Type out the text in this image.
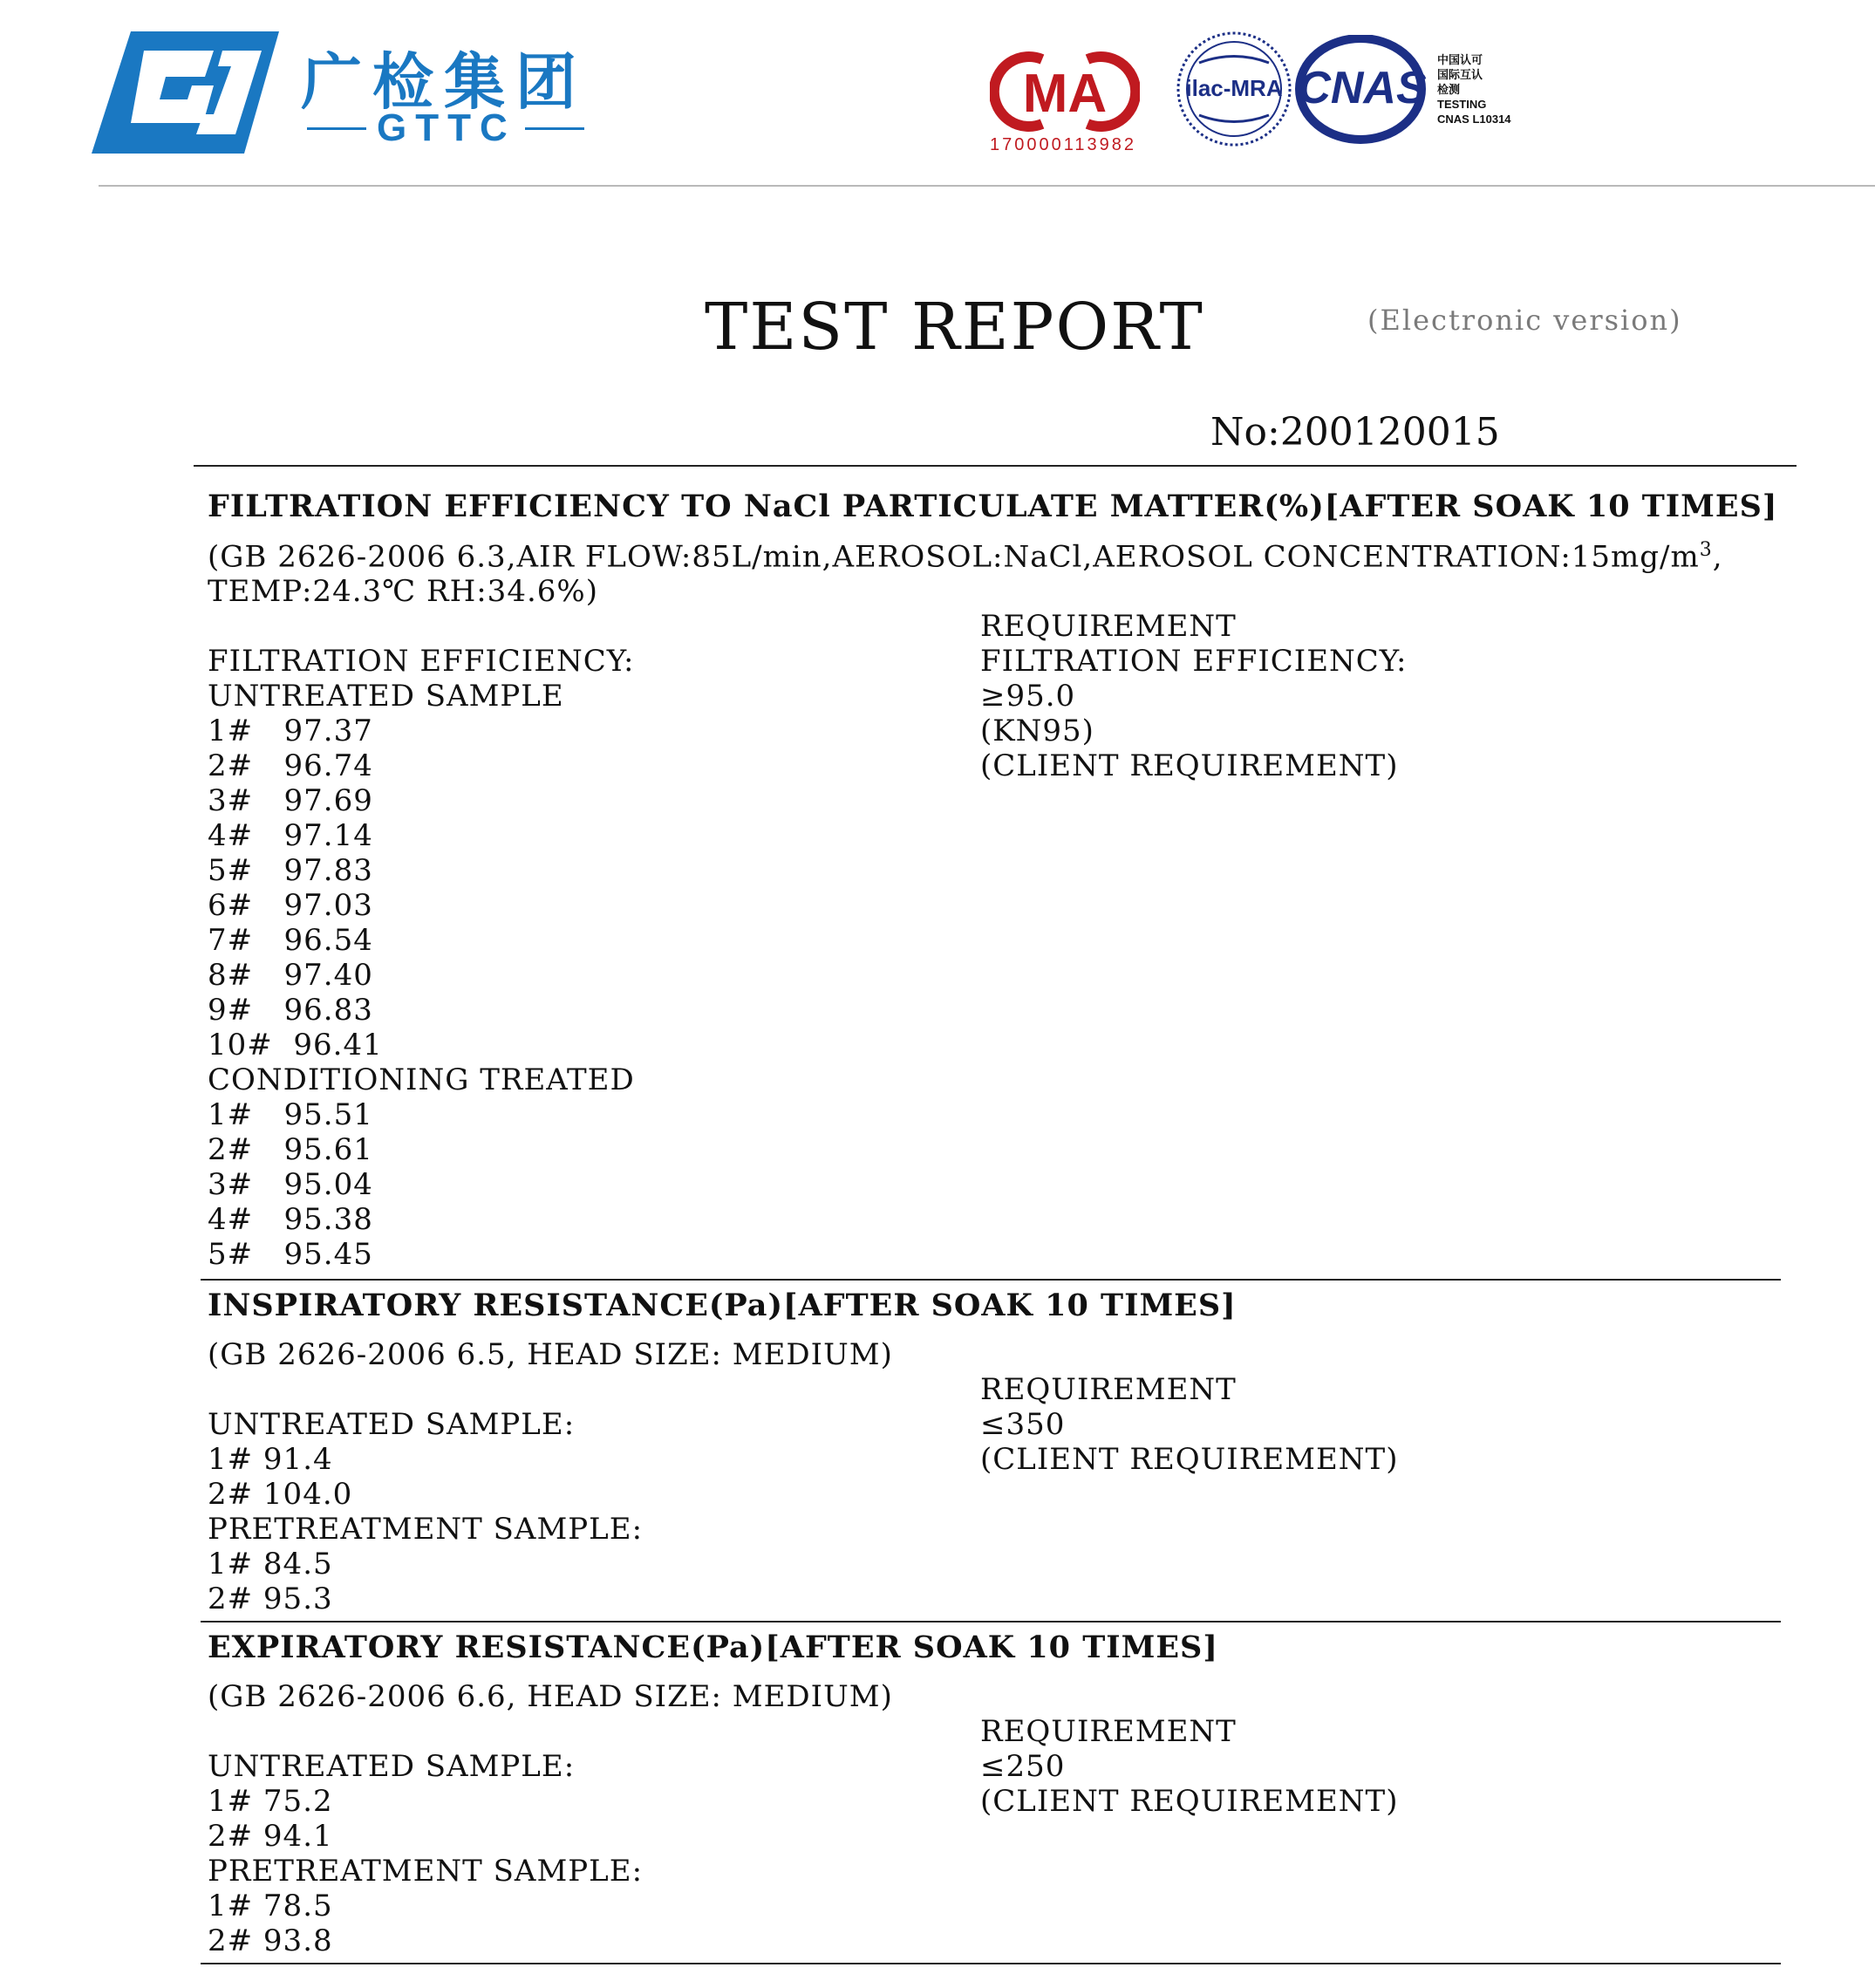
广检集团
GTTC
MA
170000113982
ilac-MRA CNAS
中国认可
国际互认
检测
TESTING
CNAS L10314
TEST REPORT	(Electronic version)
No:200120015
FILTRATION EFFICIENCY TO NaCl PARTICULATE MATTER(%)[AFTER SOAK 10 TIMES]
(GB 2626-2006 6.3,AIR FLOW:85L/min,AEROSOL:NaCl,AEROSOL $CONCENTRATION:15mg/m^3$,
TEMP:24.3℃ RH:34.6%)
REQUIREMENT
FILTRATION EFFICIENCY:
≥95.0
(KN95)
(CLIENT REQUIREMENT)
FILTRATION EFFICIENCY:
UNTREATED SAMPLE
1#   97.37
2#   96.74
3#   97.69
4#   97.14
5#   97.83
6#   97.03
7#   96.54
8#   97.40
9#   96.83
10#  96.41
CONDITIONING TREATED
1#   95.51
2#   95.61
3#   95.04
4#   95.38
5#   95.45
INSPIRATORY RESISTANCE(Pa)[AFTER SOAK 10 TIMES]
(GB 2626-2006 6.5, HEAD SIZE: MEDIUM)
REQUIREMENT
≤350
(CLIENT REQUIREMENT)
UNTREATED SAMPLE:
1# 91.4
2# 104.0
PRETREATMENT SAMPLE:
1# 84.5
2# 95.3
EXPIRATORY RESISTANCE(Pa)[AFTER SOAK 10 TIMES]
(GB 2626-2006 6.6, HEAD SIZE: MEDIUM)
REQUIREMENT
≤250
(CLIENT REQUIREMENT)
UNTREATED SAMPLE:
1# 75.2
2# 94.1
PRETREATMENT SAMPLE:
1# 78.5
2# 93.8
